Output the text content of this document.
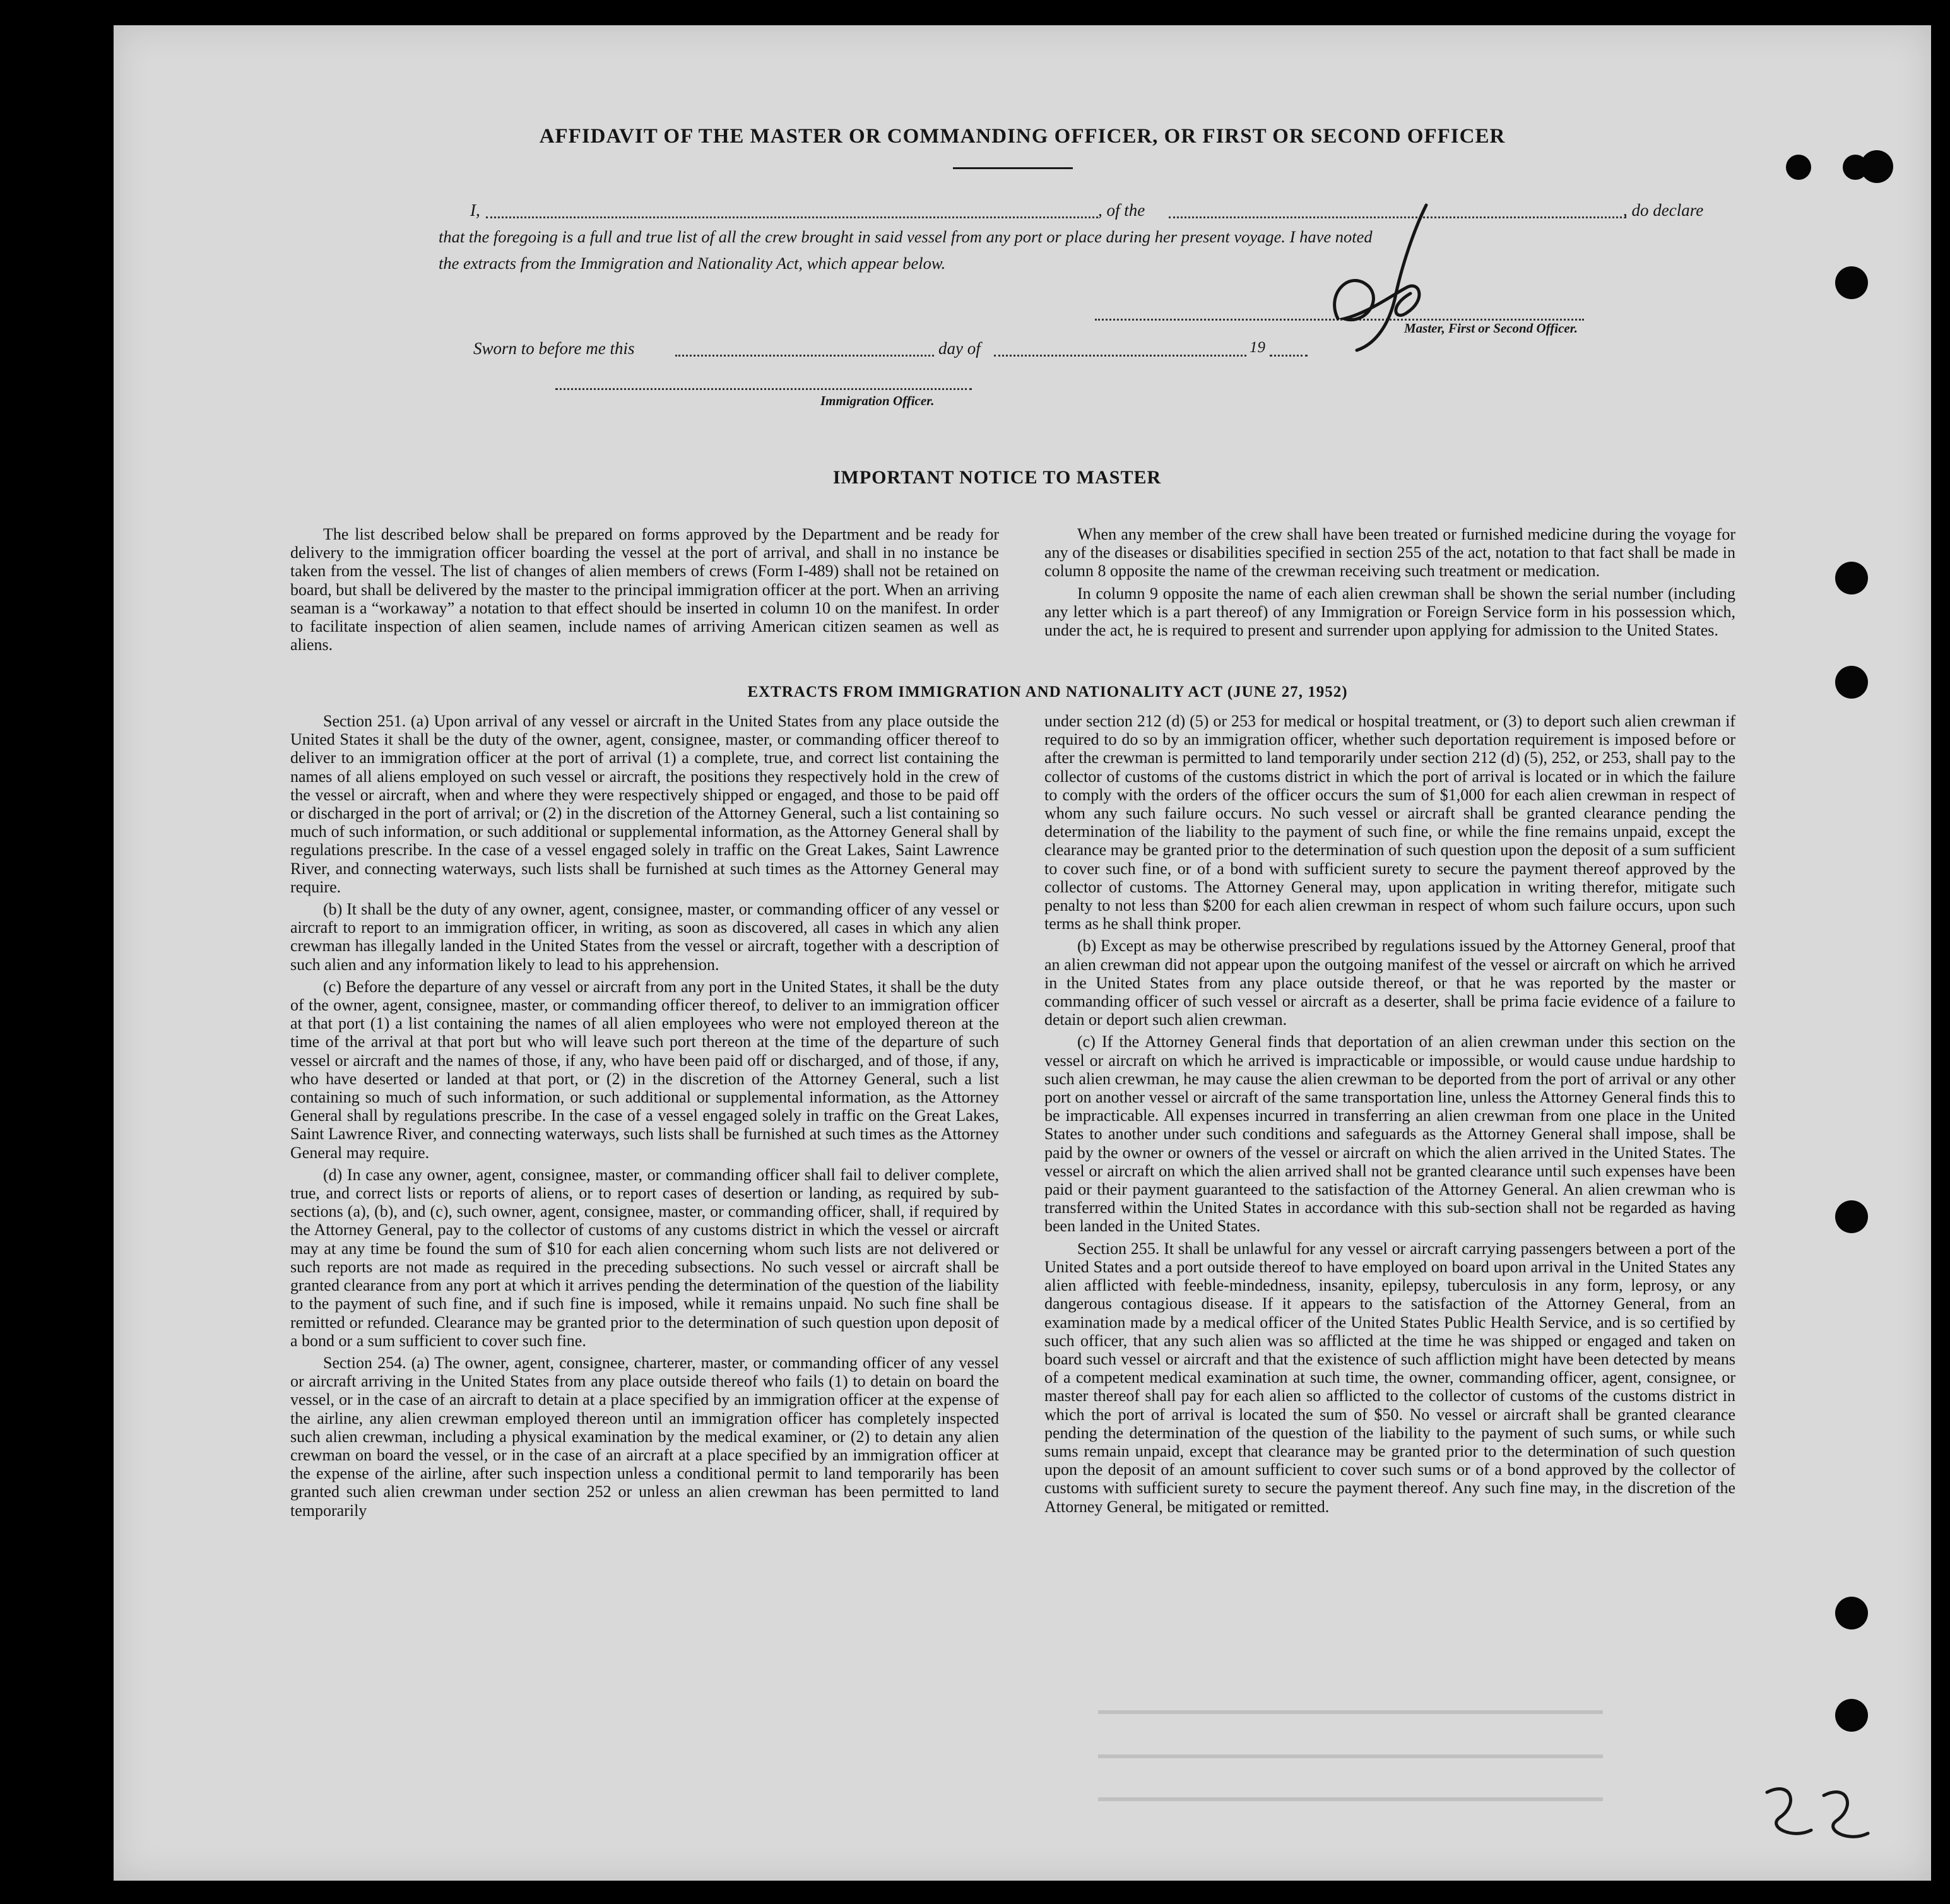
AFFIDAVIT OF THE MASTER OR COMMANDING OFFICER, OR FIRST OR SECOND OFFICER
I,	, of the	, do declare
that the foregoing is a full and true list of all the crew brought in said vessel from any port or place during her present voyage. I have noted
the extracts from the Immigration and Nationality Act, which appear below.
Master, First or Second Officer.
Sworn to before me this	day of	19
Immigration Officer.
IMPORTANT NOTICE TO MASTER

The list described below shall be prepared on forms approved by the Department and be ready for delivery to the immigration officer boarding the vessel at the port of arrival, and shall in no instance be taken from the vessel. The list of changes of alien members of crews (Form I-489) shall not be retained on board, but shall be delivered by the master to the principal immigration officer at the port. When an arriving seaman is a “workaway” a notation to that effect should be inserted in column 10 on the manifest. In order to facilitate inspection of alien seamen, include names of arriving American citizen seamen as well as aliens.

When any member of the crew shall have been treated or furnished medicine during the voyage for any of the diseases or disabilities specified in section 255 of the act, notation to that fact shall be made in column 8 opposite the name of the crewman receiving such treatment or medication.

In column 9 opposite the name of each alien crewman shall be shown the serial number (including any letter which is a part thereof) of any Immigration or Foreign Service form in his possession which, under the act, he is required to present and surrender upon applying for admission to the United States.

EXTRACTS FROM IMMIGRATION AND NATIONALITY ACT (JUNE 27, 1952)

Section 251. (a) Upon arrival of any vessel or aircraft in the United States from any place outside the United States it shall be the duty of the owner, agent, consignee, master, or commanding officer thereof to deliver to an immigration officer at the port of arrival (1) a complete, true, and correct list containing the names of all aliens employed on such vessel or aircraft, the positions they respectively hold in the crew of the vessel or aircraft, when and where they were respectively shipped or engaged, and those to be paid off or discharged in the port of arrival; or (2) in the discretion of the Attorney General, such a list containing so much of such information, or such additional or supplemental information, as the Attorney General shall by regulations prescribe. In the case of a vessel engaged solely in traffic on the Great Lakes, Saint Lawrence River, and connecting waterways, such lists shall be furnished at such times as the Attorney General may require.

(b) It shall be the duty of any owner, agent, consignee, master, or commanding officer of any vessel or aircraft to report to an immigration officer, in writing, as soon as discovered, all cases in which any alien crewman has illegally landed in the United States from the vessel or aircraft, together with a description of such alien and any information likely to lead to his apprehension.

(c) Before the departure of any vessel or aircraft from any port in the United States, it shall be the duty of the owner, agent, consignee, master, or commanding officer thereof, to deliver to an immigration officer at that port (1) a list containing the names of all alien employees who were not employed thereon at the time of the arrival at that port but who will leave such port thereon at the time of the departure of such vessel or aircraft and the names of those, if any, who have been paid off or discharged, and of those, if any, who have deserted or landed at that port, or (2) in the discretion of the Attorney General, such a list containing so much of such information, or such additional or supplemental information, as the Attorney General shall by regulations prescribe. In the case of a vessel engaged solely in traffic on the Great Lakes, Saint Lawrence River, and connecting waterways, such lists shall be furnished at such times as the Attorney General may require.

(d) In case any owner, agent, consignee, master, or commanding officer shall fail to deliver complete, true, and correct lists or reports of aliens, or to report cases of desertion or landing, as required by sub-sections (a), (b), and (c), such owner, agent, consignee, master, or commanding officer, shall, if required by the Attorney General, pay to the collector of customs of any customs district in which the vessel or aircraft may at any time be found the sum of $10 for each alien concerning whom such lists are not delivered or such reports are not made as required in the preceding subsections. No such vessel or aircraft shall be granted clearance from any port at which it arrives pending the determination of the question of the liability to the payment of such fine, and if such fine is imposed, while it remains unpaid. No such fine shall be remitted or refunded. Clearance may be granted prior to the determination of such question upon deposit of a bond or a sum sufficient to cover such fine.

Section 254. (a) The owner, agent, consignee, charterer, master, or commanding officer of any vessel or aircraft arriving in the United States from any place outside thereof who fails (1) to detain on board the vessel, or in the case of an aircraft to detain at a place specified by an immigration officer at the expense of the airline, any alien crewman employed thereon until an immigration officer has completely inspected such alien crewman, including a physical examination by the medical examiner, or (2) to detain any alien crewman on board the vessel, or in the case of an aircraft at a place specified by an immigration officer at the expense of the airline, after such inspection unless a conditional permit to land temporarily has been granted such alien crewman under section 252 or unless an alien crewman has been permitted to land temporarily

under section 212 (d) (5) or 253 for medical or hospital treatment, or (3) to deport such alien crewman if required to do so by an immigration officer, whether such deportation requirement is imposed before or after the crewman is permitted to land temporarily under section 212 (d) (5), 252, or 253, shall pay to the collector of customs of the customs district in which the port of arrival is located or in which the failure to comply with the orders of the officer occurs the sum of $1,000 for each alien crewman in respect of whom any such failure occurs. No such vessel or aircraft shall be granted clearance pending the determination of the liability to the payment of such fine, or while the fine remains unpaid, except the clearance may be granted prior to the determination of such question upon the deposit of a sum sufficient to cover such fine, or of a bond with sufficient surety to secure the payment thereof approved by the collector of customs. The Attorney General may, upon application in writing therefor, mitigate such penalty to not less than $200 for each alien crewman in respect of whom such failure occurs, upon such terms as he shall think proper.

(b) Except as may be otherwise prescribed by regulations issued by the Attorney General, proof that an alien crewman did not appear upon the outgoing manifest of the vessel or aircraft on which he arrived in the United States from any place outside thereof, or that he was reported by the master or commanding officer of such vessel or aircraft as a deserter, shall be prima facie evidence of a failure to detain or deport such alien crewman.

(c) If the Attorney General finds that deportation of an alien crewman under this section on the vessel or aircraft on which he arrived is impracticable or impossible, or would cause undue hardship to such alien crewman, he may cause the alien crewman to be deported from the port of arrival or any other port on another vessel or aircraft of the same transportation line, unless the Attorney General finds this to be impracticable. All expenses incurred in transferring an alien crewman from one place in the United States to another under such conditions and safeguards as the Attorney General shall impose, shall be paid by the owner or owners of the vessel or aircraft on which the alien arrived in the United States. The vessel or aircraft on which the alien arrived shall not be granted clearance until such expenses have been paid or their payment guaranteed to the satisfaction of the Attorney General. An alien crewman who is transferred within the United States in accordance with this sub-section shall not be regarded as having been landed in the United States.

Section 255. It shall be unlawful for any vessel or aircraft carrying passengers between a port of the United States and a port outside thereof to have employed on board upon arrival in the United States any alien afflicted with feeble-mindedness, insanity, epilepsy, tuberculosis in any form, leprosy, or any dangerous contagious disease. If it appears to the satisfaction of the Attorney General, from an examination made by a medical officer of the United States Public Health Service, and is so certified by such officer, that any such alien was so afflicted at the time he was shipped or engaged and taken on board such vessel or aircraft and that the existence of such affliction might have been detected by means of a competent medical examination at such time, the owner, commanding officer, agent, consignee, or master thereof shall pay for each alien so afflicted to the collector of customs of the customs district in which the port of arrival is located the sum of $50. No vessel or aircraft shall be granted clearance pending the determination of the question of the liability to the payment of such sums, or while such sums remain unpaid, except that clearance may be granted prior to the determination of such question upon the deposit of an amount sufficient to cover such sums or of a bond approved by the collector of customs with sufficient surety to secure the payment thereof. Any such fine may, in the discretion of the Attorney General, be mitigated or remitted.
